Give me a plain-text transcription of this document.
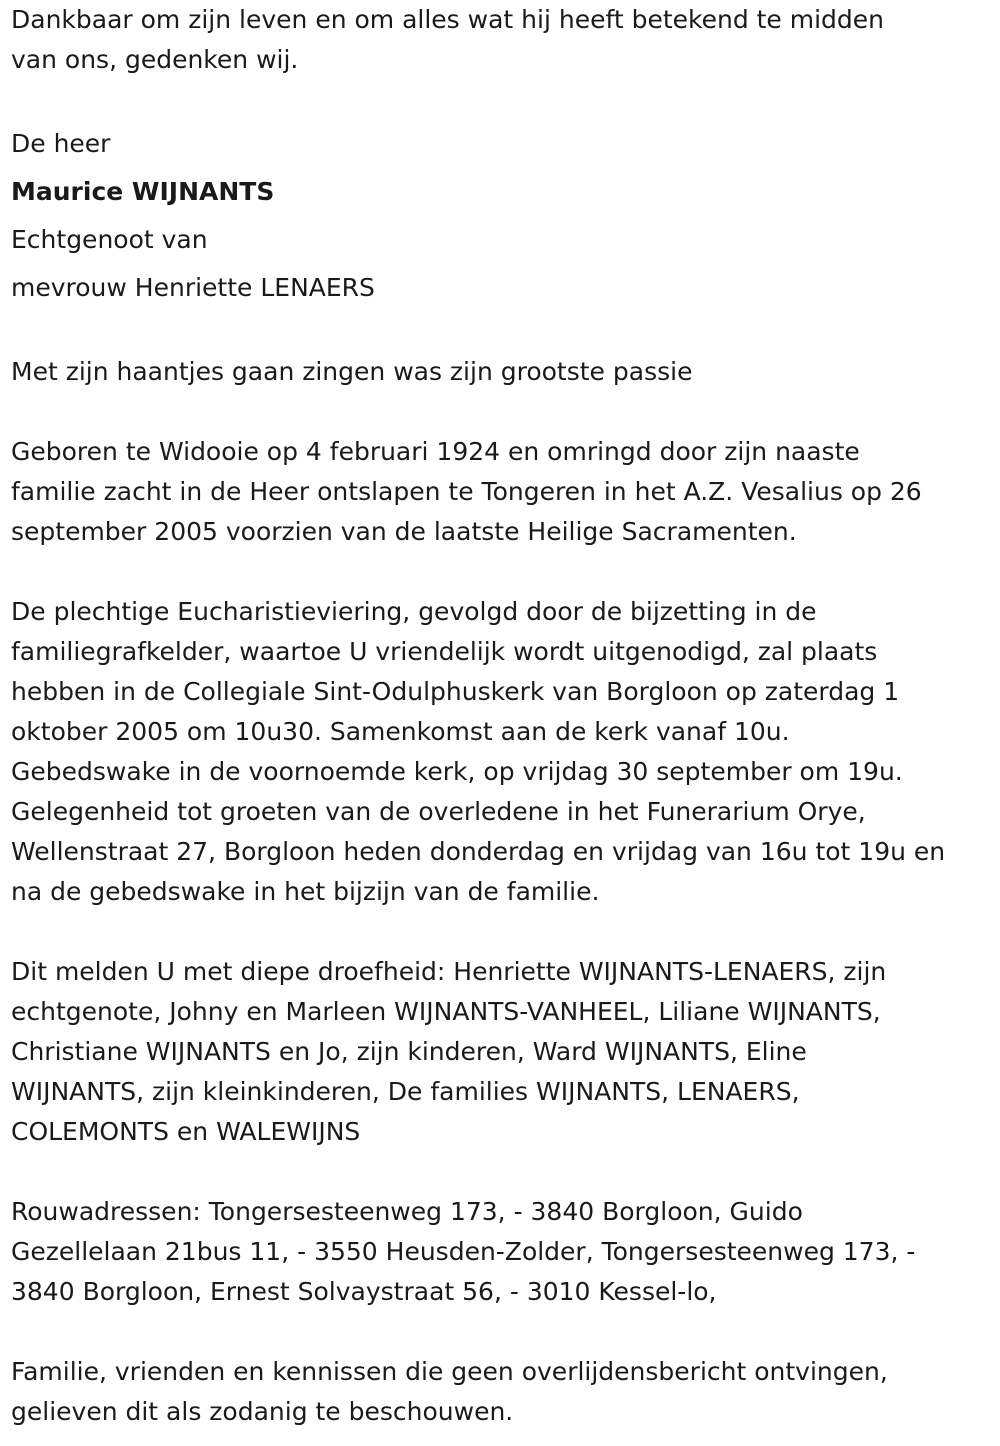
Dankbaar om zijn leven en om alles wat hij heeft betekend te midden
van ons, gedenken wij.

De heer

Maurice WIJNANTS

Echtgenoot van

mevrouw Henriette LENAERS

Met zijn haantjes gaan zingen was zijn grootste passie

Geboren te Widooie op 4 februari 1924 en omringd door zijn naaste
familie zacht in de Heer ontslapen te Tongeren in het A.Z. Vesalius op 26
september 2005 voorzien van de laatste Heilige Sacramenten.

De plechtige Eucharistieviering, gevolgd door de bijzetting in de
familiegrafkelder, waartoe U vriendelijk wordt uitgenodigd, zal plaats
hebben in de Collegiale Sint-Odulphuskerk van Borgloon op zaterdag 1
oktober 2005 om 10u30. Samenkomst aan de kerk vanaf 10u.
Gebedswake in de voornoemde kerk, op vrijdag 30 september om 19u.
Gelegenheid tot groeten van de overledene in het Funerarium Orye,
Wellenstraat 27, Borgloon heden donderdag en vrijdag van 16u tot 19u en
na de gebedswake in het bijzijn van de familie.

Dit melden U met diepe droefheid: Henriette WIJNANTS-LENAERS, zijn
echtgenote, Johny en Marleen WIJNANTS-VANHEEL, Liliane WIJNANTS,
Christiane WIJNANTS en Jo, zijn kinderen, Ward WIJNANTS, Eline
WIJNANTS, zijn kleinkinderen, De families WIJNANTS, LENAERS,
COLEMONTS en WALEWIJNS

Rouwadressen: Tongersesteenweg 173, - 3840 Borgloon, Guido
Gezellelaan 21bus 11, - 3550 Heusden-Zolder, Tongersesteenweg 173, -
3840 Borgloon, Ernest Solvaystraat 56, - 3010 Kessel-lo,

Familie, vrienden en kennissen die geen overlijdensbericht ontvingen,
gelieven dit als zodanig te beschouwen.
